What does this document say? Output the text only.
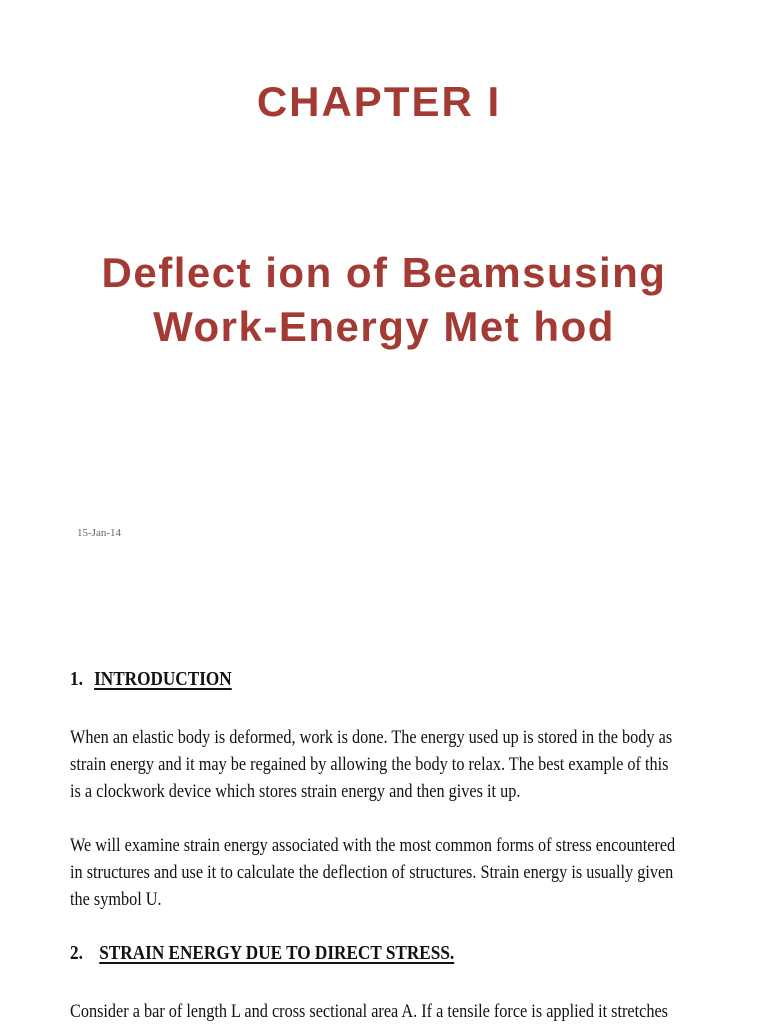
CHAPTER I
Deflect ion of Beamsusing
Work-Energy Met hod
15-Jan-14
1. INTRODUCTION
When an elastic body is deformed, work is done. The energy used up is stored in the body as
strain energy and it may be regained by allowing the body to relax. The best example of this
is a clockwork device which stores strain energy and then gives it up.
We will examine strain energy associated with the most common forms of stress encountered
in structures and use it to calculate the deflection of structures. Strain energy is usually given
the symbol U.
2. STRAIN ENERGY DUE TO DIRECT STRESS.
Consider a bar of length L and cross sectional area A. If a tensile force is applied it stretches
